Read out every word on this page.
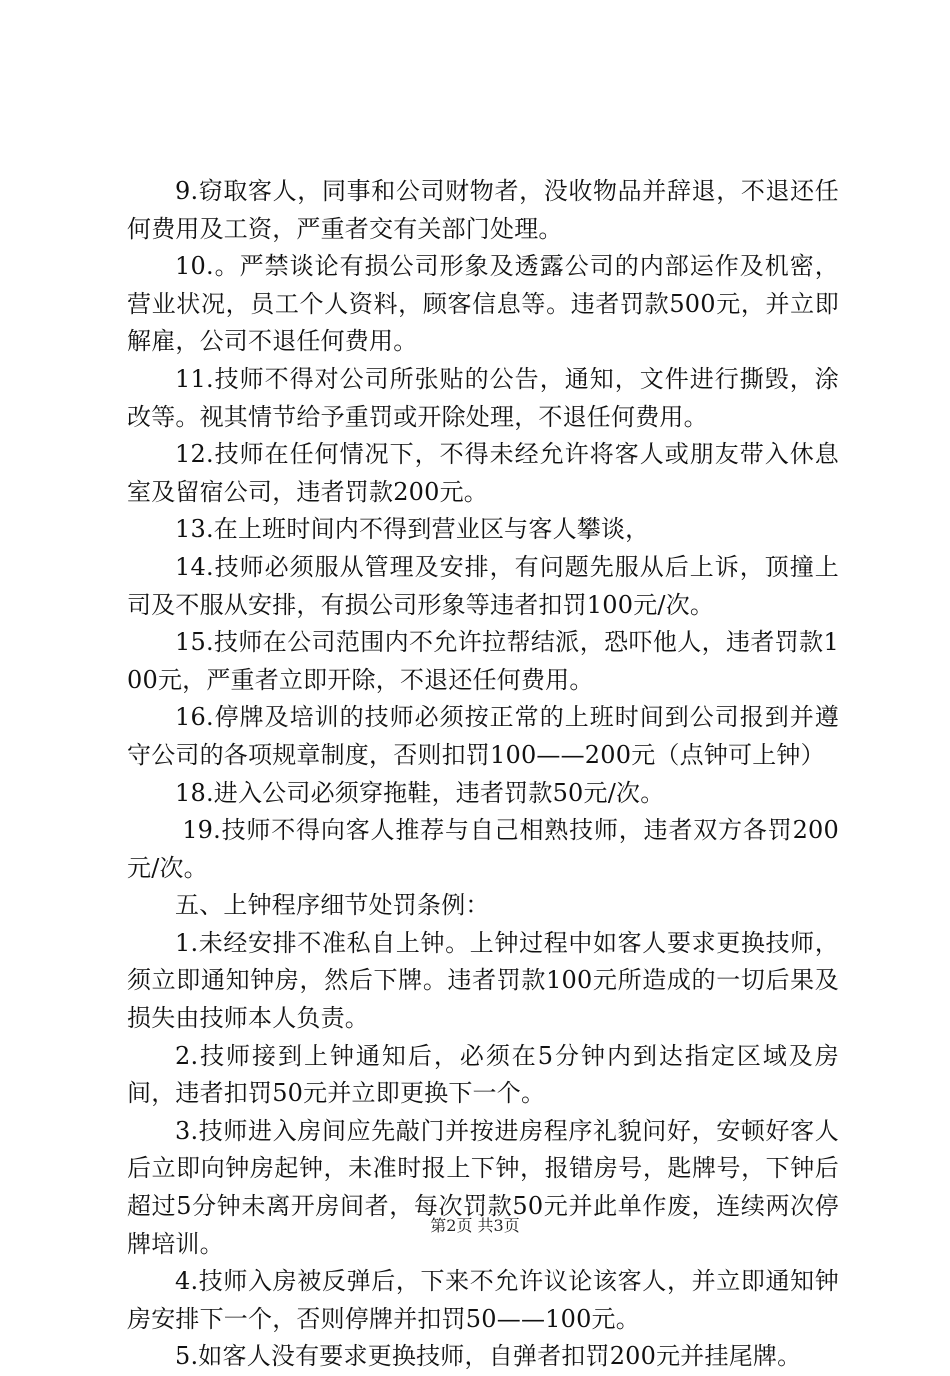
9.窃取客人，同事和公司财物者，没收物品并辞退，不退还任何费用及工资，严重者交有关部门处理。

10.。严禁谈论有损公司形象及透露公司的内部运作及机密，营业状况，员工个人资料，顾客信息等。违者罚款500元，并立即解雇，公司不退任何费用。

11.技师不得对公司所张贴的公告，通知，文件进行撕毁，涂改等。视其情节给予重罚或开除处理，不退任何费用。

12.技师在任何情况下，不得未经允许将客人或朋友带入休息室及留宿公司，违者罚款200元。

13.在上班时间内不得到营业区与客人攀谈，

14.技师必须服从管理及安排，有问题先服从后上诉，顶撞上司及不服从安排，有损公司形象等违者扣罚100元/次。

15.技师在公司范围内不允许拉帮结派，恐吓他人，违者罚款100元，严重者立即开除，不退还任何费用。

16.停牌及培训的技师必须按正常的上班时间到公司报到并遵守公司的各项规章制度，否则扣罚100——200元（点钟可上钟）

18.进入公司必须穿拖鞋，违者罚款50元/次。

19.技师不得向客人推荐与自己相熟技师，违者双方各罚200元/次。

五、上钟程序细节处罚条例：

1.未经安排不准私自上钟。上钟过程中如客人要求更换技师，须立即通知钟房，然后下牌。违者罚款100元所造成的一切后果及损失由技师本人负责。

2.技师接到上钟通知后，必须在5分钟内到达指定区域及房间，违者扣罚50元并立即更换下一个。

3.技师进入房间应先敲门并按进房程序礼貌问好，安顿好客人后立即向钟房起钟，未准时报上下钟，报错房号，匙牌号，下钟后超过5分钟未离开房间者，每次罚款50元并此单作废，连续两次停牌培训。

4.技师入房被反弹后，下来不允许议论该客人，并立即通知钟房安排下一个，否则停牌并扣罚50——100元。

5.如客人没有要求更换技师，自弹者扣罚200元并挂尾牌。

第2页 共3页
